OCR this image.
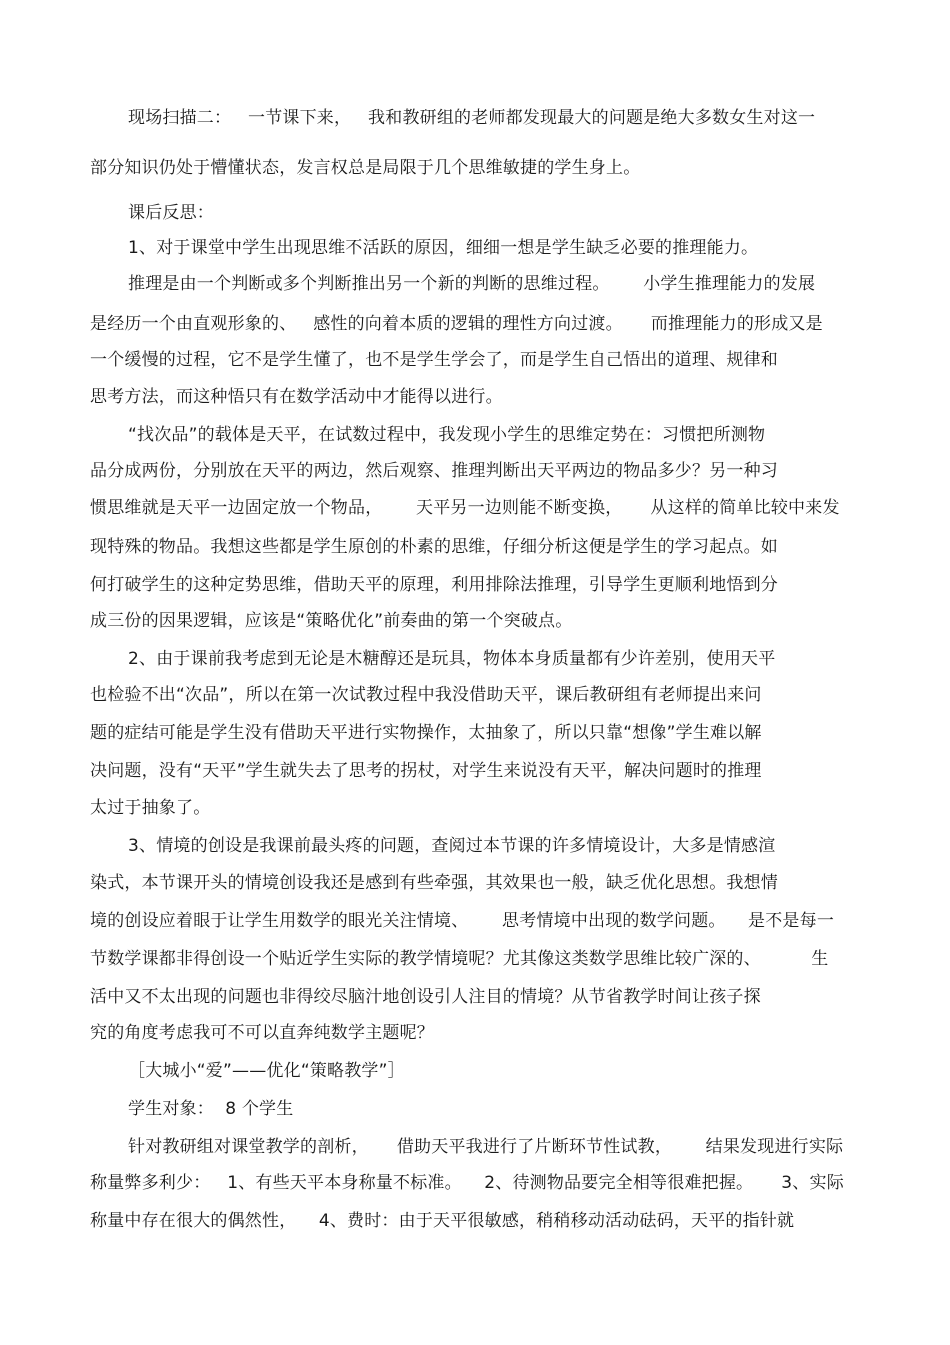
现场扫描二：   一节课下来，   我和教研组的老师都发现最大的问题是绝大多数女生对这一
部分知识仍处于懵懂状态，发言权总是局限于几个思维敏捷的学生身上。
课后反思：
1、对于课堂中学生出现思维不活跃的原因，细细一想是学生缺乏必要的推理能力。
推理是由一个判断或多个判断推出另一个新的判断的思维过程。      小学生推理能力的发展
是经历一个由直观形象的、   感性的向着本质的逻辑的理性方向过渡。     而推理能力的形成又是
一个缓慢的过程，它不是学生懂了，也不是学生学会了，而是学生自己悟出的道理、规律和
思考方法，而这种悟只有在数学活动中才能得以进行。
“找次品”的载体是天平，在试数过程中，我发现小学生的思维定势在：习惯把所测物
品分成两份，分别放在天平的两边，然后观察、推理判断出天平两边的物品多少？另一种习
惯思维就是天平一边固定放一个物品，      天平另一边则能不断变换，     从这样的简单比较中来发
现特殊的物品。我想这些都是学生原创的朴素的思维，仔细分析这便是学生的学习起点。如
何打破学生的这种定势思维，借助天平的原理，利用排除法推理，引导学生更顺利地悟到分
成三份的因果逻辑，应该是“策略优化”前奏曲的第一个突破点。
2、由于课前我考虑到无论是木糖醇还是玩具，物体本身质量都有少许差别，使用天平
也检验不出“次品”，所以在第一次试教过程中我没借助天平，课后教研组有老师提出来问
题的症结可能是学生没有借助天平进行实物操作，太抽象了，所以只靠“想像”学生难以解
决问题，没有“天平”学生就失去了思考的拐杖，对学生来说没有天平，解决问题时的推理
太过于抽象了。
3、情境的创设是我课前最头疼的问题，查阅过本节课的许多情境设计，大多是情感渲
染式，本节课开头的情境创设我还是感到有些牵强，其效果也一般，缺乏优化思想。我想情
境的创设应着眼于让学生用数学的眼光关注情境、      思考情境中出现的数学问题。    是不是每一
节数学课都非得创设一个贴近学生实际的教学情境呢？尤其像这类数学思维比较广深的、         生
活中又不太出现的问题也非得绞尽脑汁地创设引人注目的情境？从节省教学时间让孩子探
究的角度考虑我可不可以直奔纯数学主题呢？
［大城小“爱”——优化“策略教学”］
学生对象：  8 个学生
针对教研组对课堂教学的剖析，     借助天平我进行了片断环节性试教，      结果发现进行实际
称量弊多利少：   1、有些天平本身称量不标准。    2、待测物品要完全相等很难把握。     3、实际
称量中存在很大的偶然性，    4、费时：由于天平很敏感，稍稍移动活动砝码，天平的指针就
